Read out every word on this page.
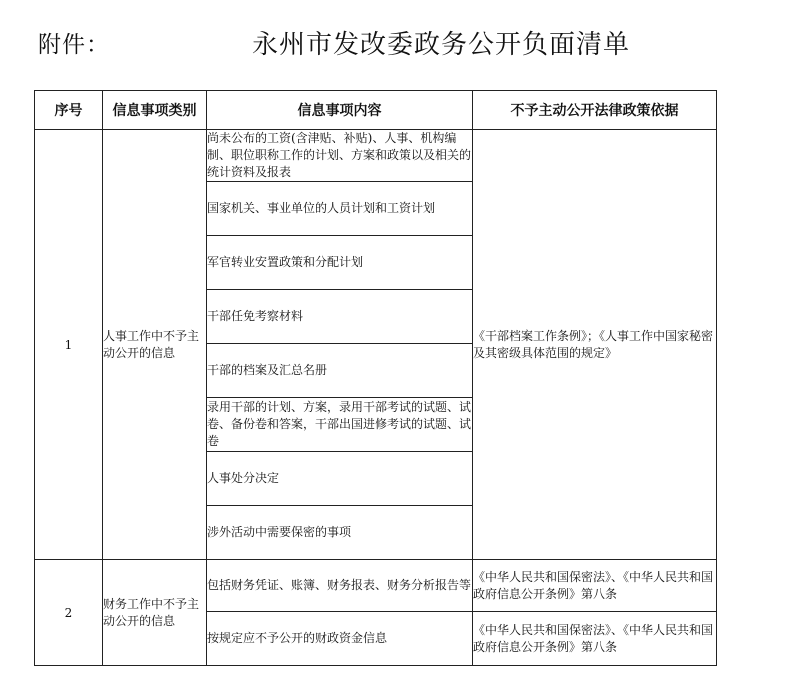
附件：	永州市发改委政务公开负面清单
序号	信息事项类别	信息事项内容	不予主动公开法律政策依据
1	人事工作中不予主动公开的信息	尚未公布的工资(含津贴、补贴)、人事、机构编制、职位职称工作的计划、方案和政策以及相关的统计资料及报表	《干部档案工作条例》；《人事工作中国家秘密及其密级具体范围的规定》
		国家机关、事业单位的人员计划和工资计划	
		军官转业安置政策和分配计划	
		干部任免考察材料	
		干部的档案及汇总名册	
		录用干部的计划、方案，录用干部考试的试题、试卷、备份卷和答案，干部出国进修考试的试题、试卷	
		人事处分决定	
		涉外活动中需要保密的事项	
2	财务工作中不予主动公开的信息	包括财务凭证、账簿、财务报表、财务分析报告等	《中华人民共和国保密法》、《中华人民共和国政府信息公开条例》第八条
		按规定应不予公开的财政资金信息	《中华人民共和国保密法》、《中华人民共和国政府信息公开条例》第八条
